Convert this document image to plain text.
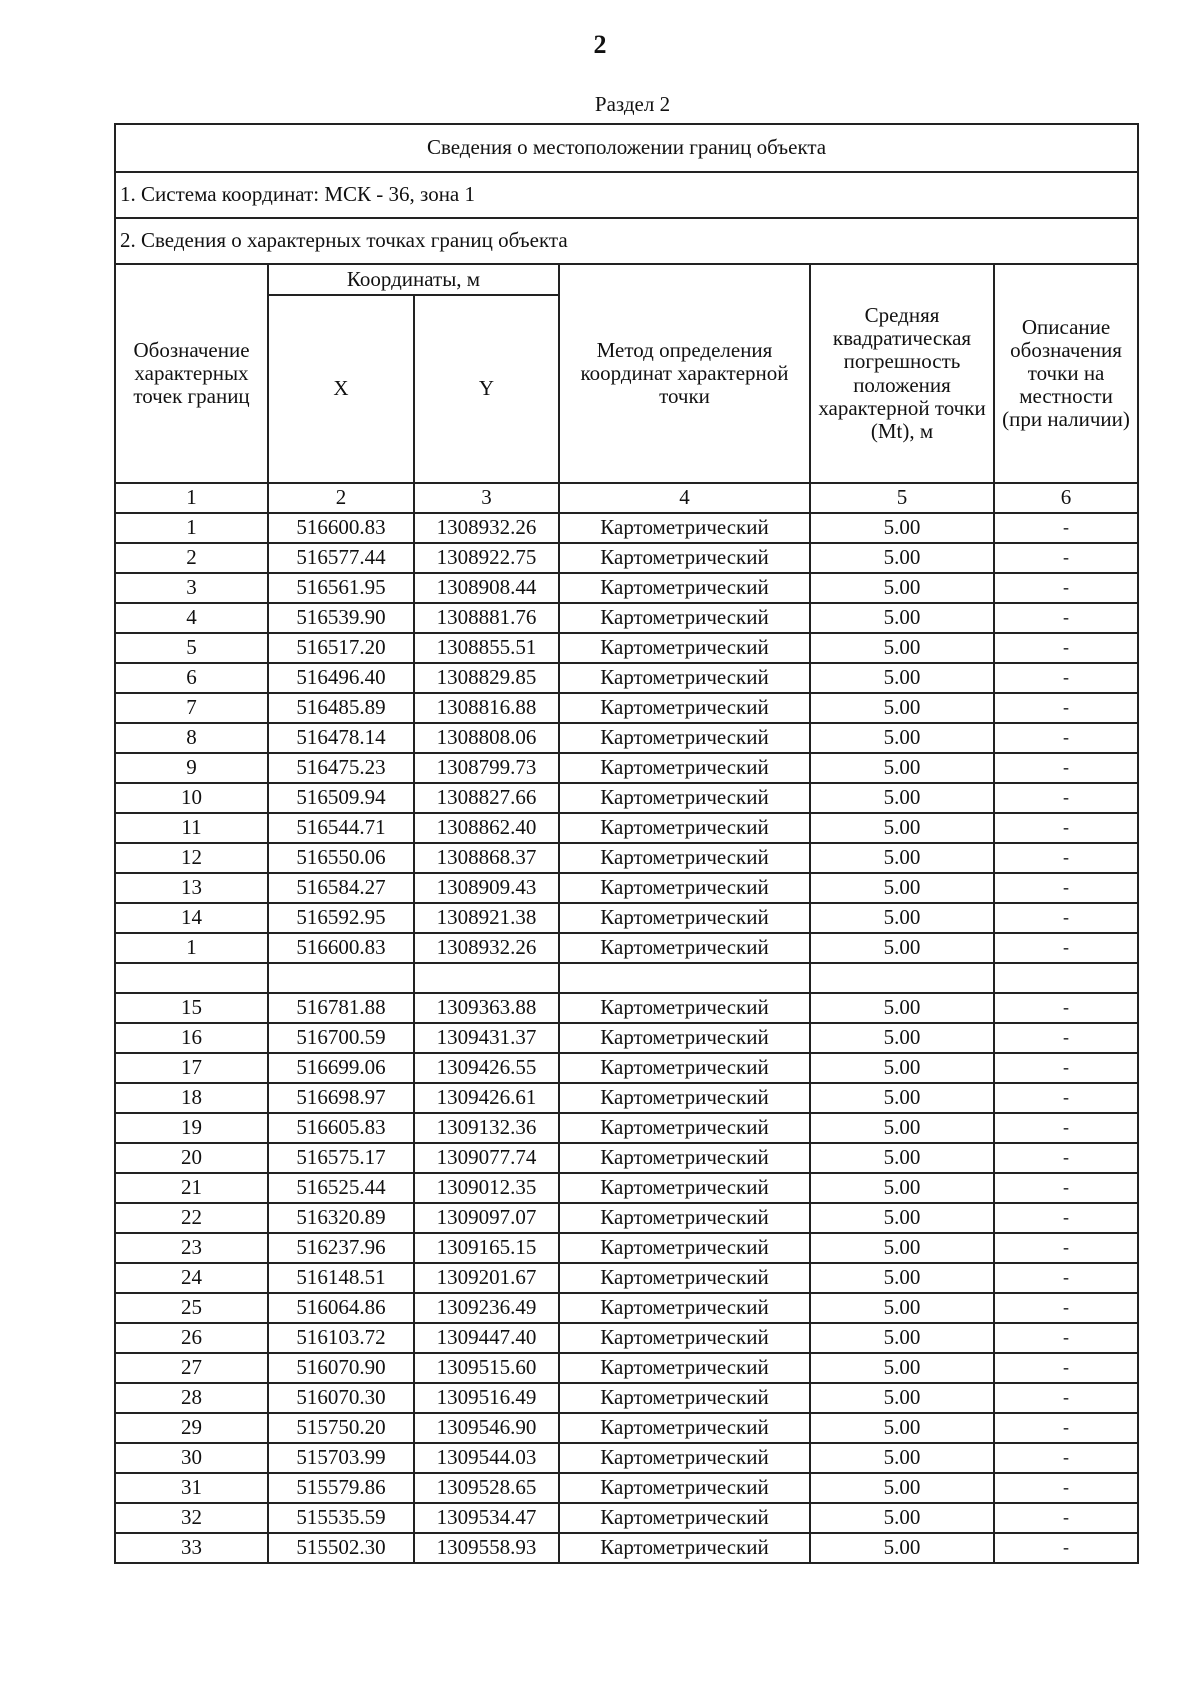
2
Раздел 2
Сведения о местоположении границ объекта					
1. Система координат: МСК - 36, зона 1					
2. Сведения о характерных точках границ объекта					
Обозначение характерных точек границ	Координаты, м		Метод определения координат характерной точки	Средняя квадратическая погрешность положения характерной точки (Mt), м	Описание обозначения точки на местности (при наличии)
	X	Y			
1	2	3	4	5	6
1	516600.83	1308932.26	Картометрический	5.00	-
2	516577.44	1308922.75	Картометрический	5.00	-
3	516561.95	1308908.44	Картометрический	5.00	-
4	516539.90	1308881.76	Картометрический	5.00	-
5	516517.20	1308855.51	Картометрический	5.00	-
6	516496.40	1308829.85	Картометрический	5.00	-
7	516485.89	1308816.88	Картометрический	5.00	-
8	516478.14	1308808.06	Картометрический	5.00	-
9	516475.23	1308799.73	Картометрический	5.00	-
10	516509.94	1308827.66	Картометрический	5.00	-
11	516544.71	1308862.40	Картометрический	5.00	-
12	516550.06	1308868.37	Картометрический	5.00	-
13	516584.27	1308909.43	Картометрический	5.00	-
14	516592.95	1308921.38	Картометрический	5.00	-
1	516600.83	1308932.26	Картометрический	5.00	-

15	516781.88	1309363.88	Картометрический	5.00	-
16	516700.59	1309431.37	Картометрический	5.00	-
17	516699.06	1309426.55	Картометрический	5.00	-
18	516698.97	1309426.61	Картометрический	5.00	-
19	516605.83	1309132.36	Картометрический	5.00	-
20	516575.17	1309077.74	Картометрический	5.00	-
21	516525.44	1309012.35	Картометрический	5.00	-
22	516320.89	1309097.07	Картометрический	5.00	-
23	516237.96	1309165.15	Картометрический	5.00	-
24	516148.51	1309201.67	Картометрический	5.00	-
25	516064.86	1309236.49	Картометрический	5.00	-
26	516103.72	1309447.40	Картометрический	5.00	-
27	516070.90	1309515.60	Картометрический	5.00	-
28	516070.30	1309516.49	Картометрический	5.00	-
29	515750.20	1309546.90	Картометрический	5.00	-
30	515703.99	1309544.03	Картометрический	5.00	-
31	515579.86	1309528.65	Картометрический	5.00	-
32	515535.59	1309534.47	Картометрический	5.00	-
33	515502.30	1309558.93	Картометрический	5.00	-
